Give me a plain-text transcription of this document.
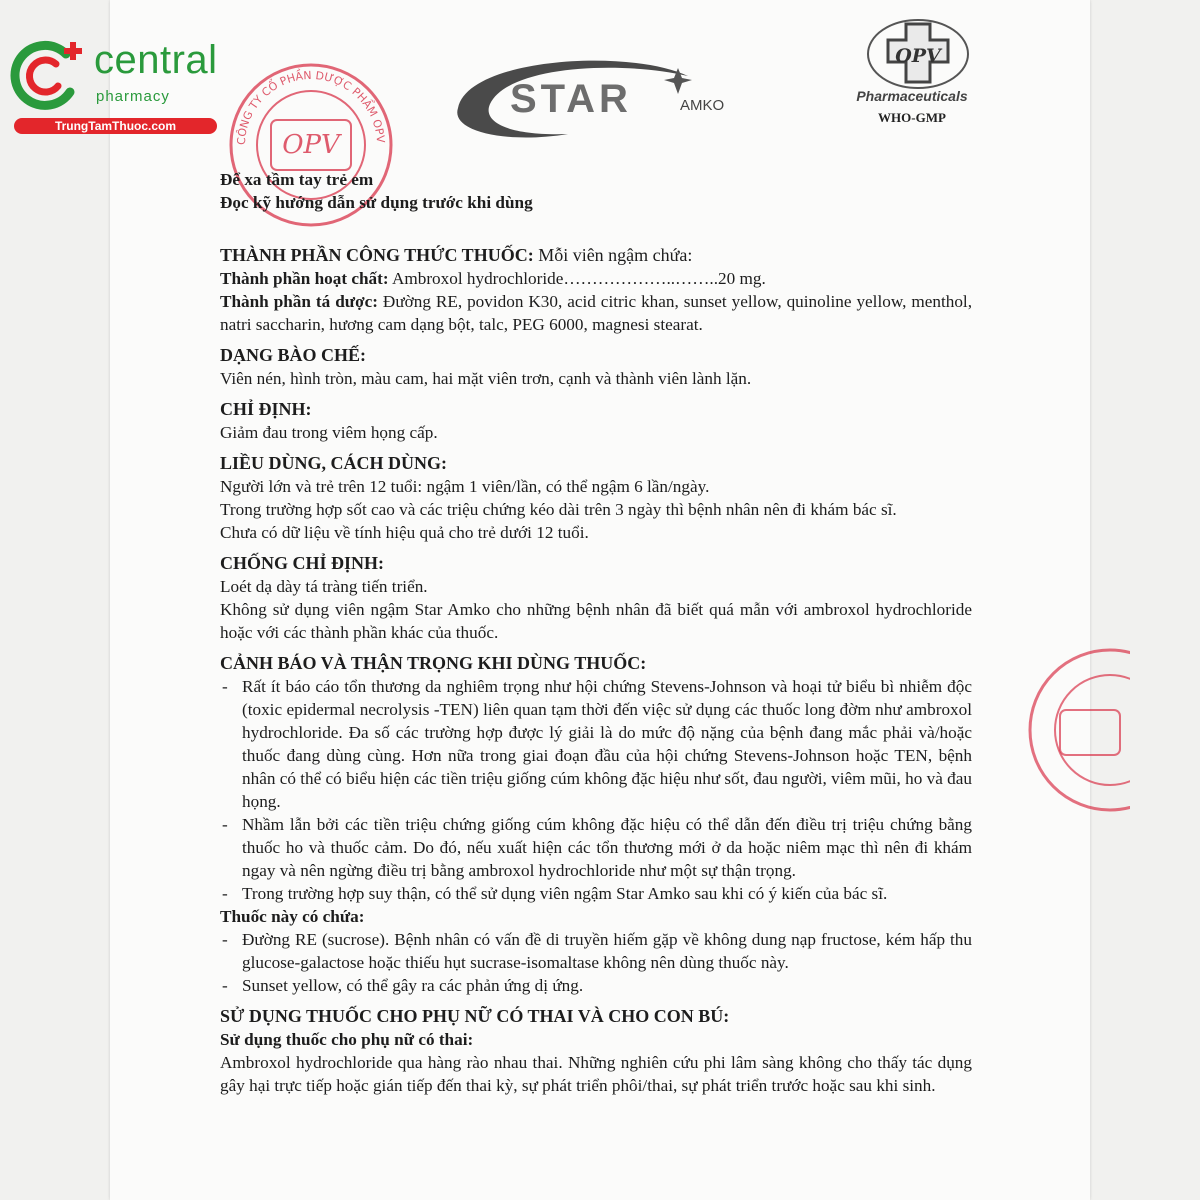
central
pharmacy
TrungTamThuoc.com
CÔNG TY CỔ PHẦN DƯỢC PHẨM OPV
OPV
STAR	AMKO
OPV
Pharmaceuticals
WHO-GMP
Để xa tầm tay trẻ em
Đọc kỹ hướng dẫn sử dụng trước khi dùng
THÀNH PHẦN CÔNG THỨC THUỐC: Mỗi viên ngậm chứa:
Thành phần hoạt chất: Ambroxol hydrochloride………………..……..20 mg.
Thành phần tá dược: Đường RE, povidon K30, acid citric khan, sunset yellow, quinoline yellow, menthol, natri saccharin, hương cam dạng bột, talc, PEG 6000, magnesi stearat.
DẠNG BÀO CHẾ:
Viên nén, hình tròn, màu cam, hai mặt viên trơn, cạnh và thành viên lành lặn.
CHỈ ĐỊNH:
Giảm đau trong viêm họng cấp.
LIỀU DÙNG, CÁCH DÙNG:
Người lớn và trẻ trên 12 tuổi: ngậm 1 viên/lần, có thể ngậm 6 lần/ngày.
Trong trường hợp sốt cao và các triệu chứng kéo dài trên 3 ngày thì bệnh nhân nên đi khám bác sĩ.
Chưa có dữ liệu về tính hiệu quả cho trẻ dưới 12 tuổi.
CHỐNG CHỈ ĐỊNH:
Loét dạ dày tá tràng tiến triển.
Không sử dụng viên ngậm Star Amko cho những bệnh nhân đã biết quá mẫn với ambroxol hydrochloride hoặc với các thành phần khác của thuốc.
CẢNH BÁO VÀ THẬN TRỌNG KHI DÙNG THUỐC:
- Rất ít báo cáo tổn thương da nghiêm trọng như hội chứng Stevens-Johnson và hoại tử biểu bì nhiễm độc (toxic epidermal necrolysis -TEN) liên quan tạm thời đến việc sử dụng các thuốc long đờm như ambroxol hydrochloride. Đa số các trường hợp được lý giải là do mức độ nặng của bệnh đang mắc phải và/hoặc thuốc đang dùng cùng. Hơn nữa trong giai đoạn đầu của hội chứng Stevens-Johnson hoặc TEN, bệnh nhân có thể có biểu hiện các tiền triệu giống cúm không đặc hiệu như sốt, đau người, viêm mũi, ho và đau họng.
- Nhầm lẫn bởi các tiền triệu chứng giống cúm không đặc hiệu có thể dẫn đến điều trị triệu chứng bằng thuốc ho và thuốc cảm. Do đó, nếu xuất hiện các tổn thương mới ở da hoặc niêm mạc thì nên đi khám ngay và nên ngừng điều trị bằng ambroxol hydrochloride như một sự thận trọng.
- Trong trường hợp suy thận, có thể sử dụng viên ngậm Star Amko sau khi có ý kiến của bác sĩ.
Thuốc này có chứa:
- Đường RE (sucrose). Bệnh nhân có vấn đề di truyền hiếm gặp về không dung nạp fructose, kém hấp thu glucose-galactose hoặc thiếu hụt sucrase-isomaltase không nên dùng thuốc này.
- Sunset yellow, có thể gây ra các phản ứng dị ứng.
SỬ DỤNG THUỐC CHO PHỤ NỮ CÓ THAI VÀ CHO CON BÚ:
Sử dụng thuốc cho phụ nữ có thai:
Ambroxol hydrochloride qua hàng rào nhau thai. Những nghiên cứu phi lâm sàng không cho thấy tác dụng gây hại trực tiếp hoặc gián tiếp đến thai kỳ, sự phát triển phôi/thai, sự phát triển trước hoặc sau khi sinh.
